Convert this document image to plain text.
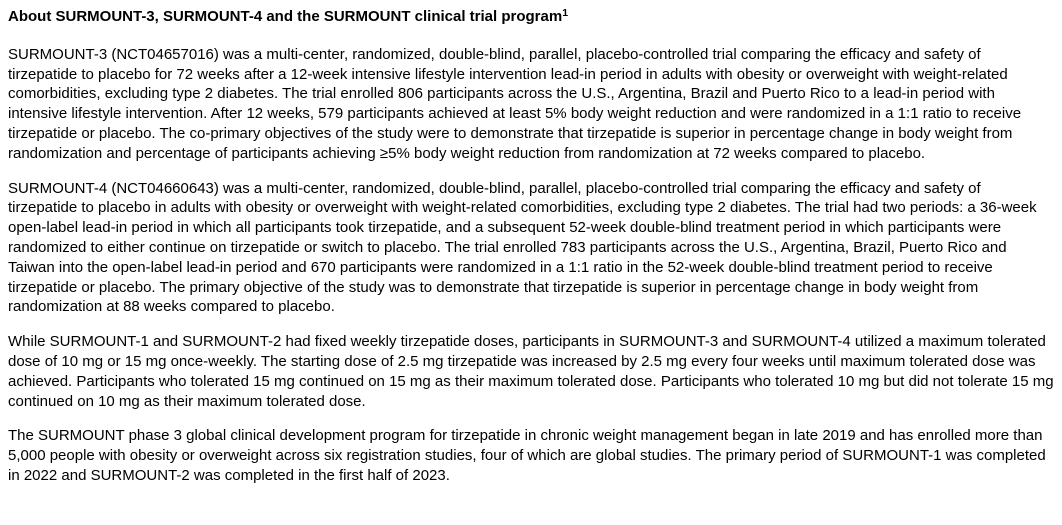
About SURMOUNT-3, SURMOUNT-4 and the SURMOUNT clinical trial program$^1$

SURMOUNT-3 (NCT04657016) was a multi-center, randomized, double-blind, parallel, placebo-controlled trial comparing the efficacy and safety of tirzepatide to placebo for 72 weeks after a 12-week intensive lifestyle intervention lead-in period in adults with obesity or overweight with weight-related comorbidities, excluding type 2 diabetes. The trial enrolled 806 participants across the U.S., Argentina, Brazil and Puerto Rico to a lead-in period with intensive lifestyle intervention. After 12 weeks, 579 participants achieved at least 5% body weight reduction and were randomized in a 1:1 ratio to receive tirzepatide or placebo. The co-primary objectives of the study were to demonstrate that tirzepatide is superior in percentage change in body weight from randomization and percentage of participants achieving ≥5% body weight reduction from randomization at 72 weeks compared to placebo.

SURMOUNT-4 (NCT04660643) was a multi-center, randomized, double-blind, parallel, placebo-controlled trial comparing the efficacy and safety of tirzepatide to placebo in adults with obesity or overweight with weight-related comorbidities, excluding type 2 diabetes. The trial had two periods: a 36-week open-label lead-in period in which all participants took tirzepatide, and a subsequent 52-week double-blind treatment period in which participants were randomized to either continue on tirzepatide or switch to placebo. The trial enrolled 783 participants across the U.S., Argentina, Brazil, Puerto Rico and Taiwan into the open-label lead-in period and 670 participants were randomized in a 1:1 ratio in the 52-week double-blind treatment period to receive tirzepatide or placebo. The primary objective of the study was to demonstrate that tirzepatide is superior in percentage change in body weight from randomization at 88 weeks compared to placebo.

While SURMOUNT-1 and SURMOUNT-2 had fixed weekly tirzepatide doses, participants in SURMOUNT-3 and SURMOUNT-4 utilized a maximum tolerated dose of 10 mg or 15 mg once-weekly. The starting dose of 2.5 mg tirzepatide was increased by 2.5 mg every four weeks until maximum tolerated dose was achieved. Participants who tolerated 15 mg continued on 15 mg as their maximum tolerated dose. Participants who tolerated 10 mg but did not tolerate 15 mg continued on 10 mg as their maximum tolerated dose.

The SURMOUNT phase 3 global clinical development program for tirzepatide in chronic weight management began in late 2019 and has enrolled more than 5,000 people with obesity or overweight across six registration studies, four of which are global studies. The primary period of SURMOUNT-1 was completed in 2022 and SURMOUNT-2 was completed in the first half of 2023.
